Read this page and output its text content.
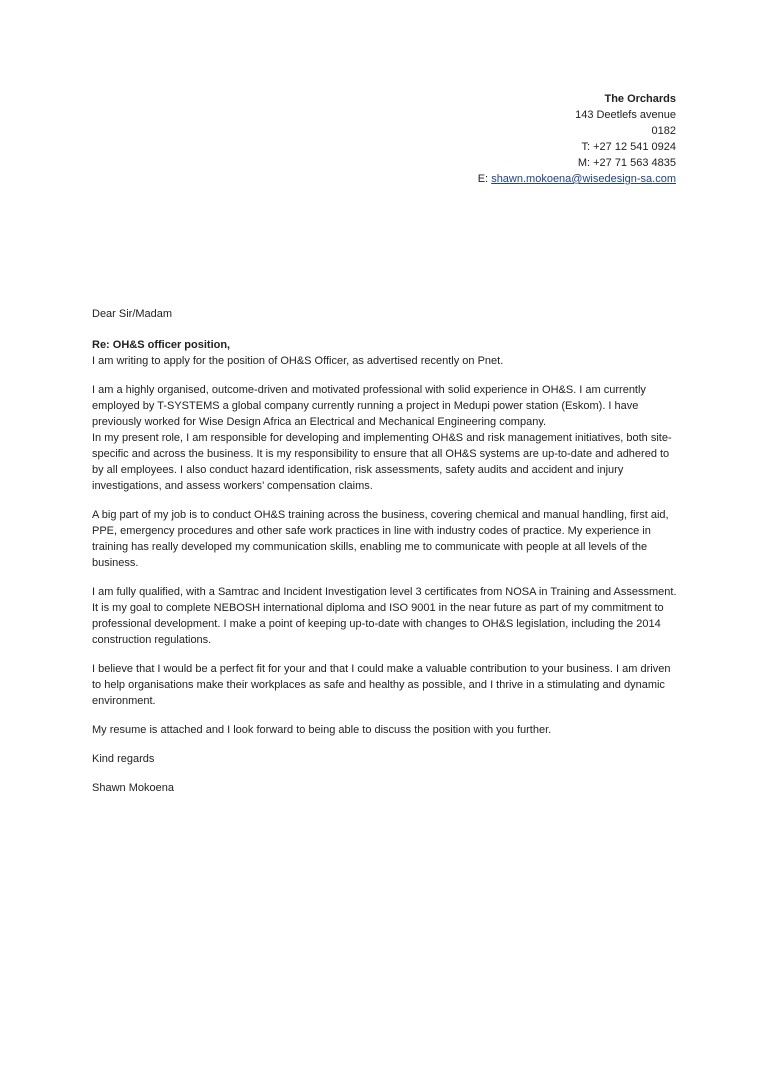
The Orchards
143 Deetlefs avenue
0182
T: +27 12 541 0924
M: +27 71 563 4835
E: shawn.mokoena@wisedesign-sa.com

Dear Sir/Madam

Re: OH&S officer position,

I am writing to apply for the position of OH&S Officer, as advertised recently on Pnet.

I am a highly organised, outcome-driven and motivated professional with solid experience in OH&S. I am currently employed by T-SYSTEMS a global company currently running a project in Medupi power station (Eskom). I have previously worked for Wise Design Africa an Electrical and Mechanical Engineering company.

In my present role, I am responsible for developing and implementing OH&S and risk management initiatives, both site-specific and across the business. It is my responsibility to ensure that all OH&S systems are up-to-date and adhered to by all employees. I also conduct hazard identification, risk assessments, safety audits and accident and injury investigations, and assess workers’ compensation claims.

A big part of my job is to conduct OH&S training across the business, covering chemical and manual handling, first aid, PPE, emergency procedures and other safe work practices in line with industry codes of practice. My experience in training has really developed my communication skills, enabling me to communicate with people at all levels of the business.

I am fully qualified, with a Samtrac and Incident Investigation level 3 certificates from NOSA in Training and Assessment. It is my goal to complete NEBOSH international diploma and ISO 9001 in the near future as part of my commitment to professional development. I make a point of keeping up-to-date with changes to OH&S legislation, including the 2014 construction regulations.

I believe that I would be a perfect fit for your and that I could make a valuable contribution to your business. I am driven to help organisations make their workplaces as safe and healthy as possible, and I thrive in a stimulating and dynamic environment.

My resume is attached and I look forward to being able to discuss the position with you further.

Kind regards

Shawn Mokoena
